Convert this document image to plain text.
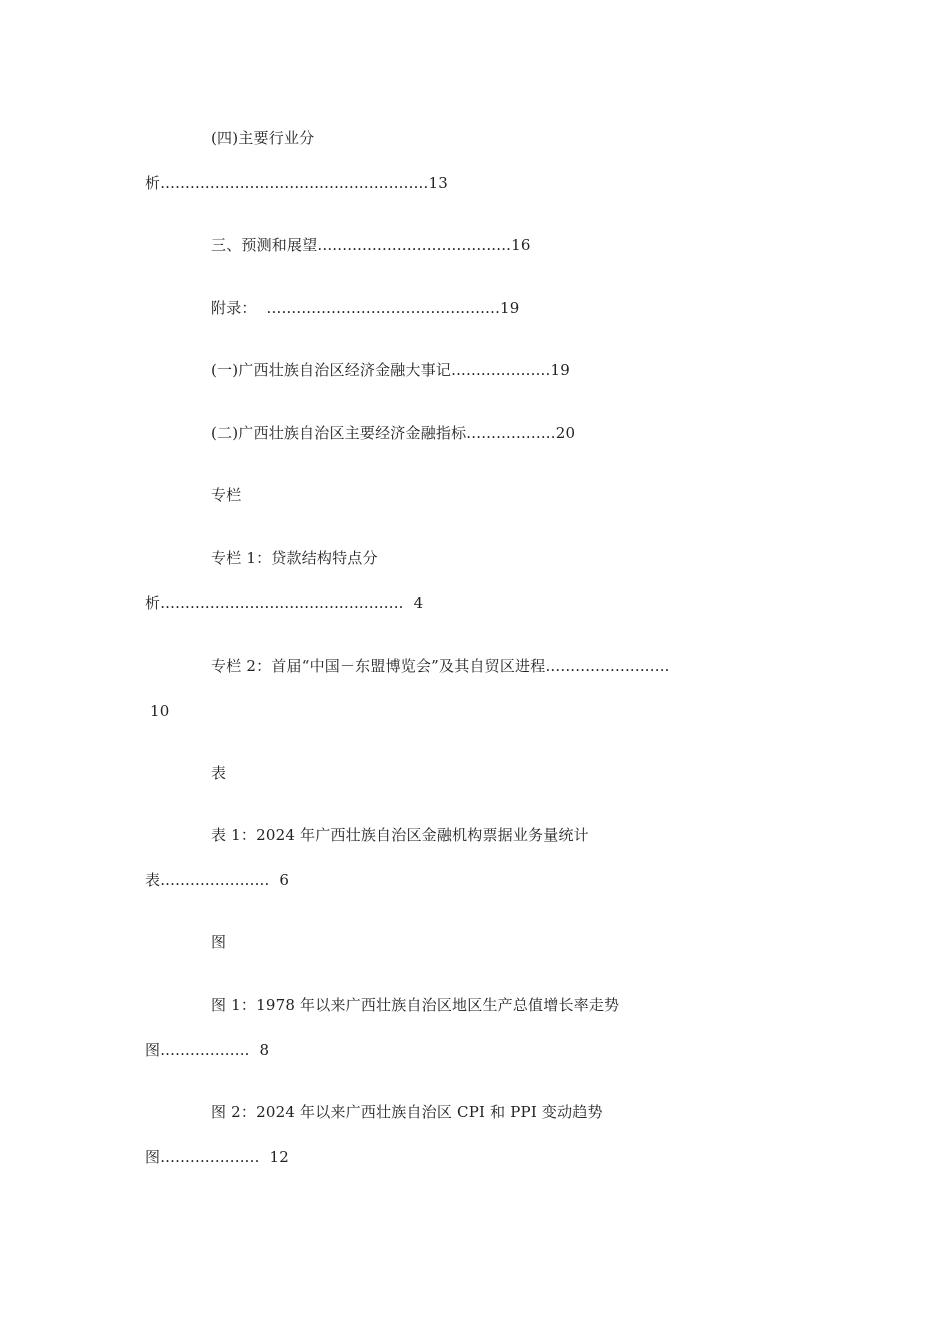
(四)主要行业分
析......................................................13
三、预测和展望.......................................16
附录：  ...............................................19
(一)广西壮族自治区经济金融大事记....................19
(二)广西壮族自治区主要经济金融指标..................20
专栏
专栏 1：贷款结构特点分
析.................................................  4
专栏 2：首届“中国－东盟博览会”及其自贸区进程.........................
10
表
表 1：2024 年广西壮族自治区金融机构票据业务量统计
表......................  6
图
图 1：1978 年以来广西壮族自治区地区生产总值增长率走势
图..................  8
图 2：2024 年以来广西壮族自治区 CPI 和 PPI 变动趋势
图....................  12
